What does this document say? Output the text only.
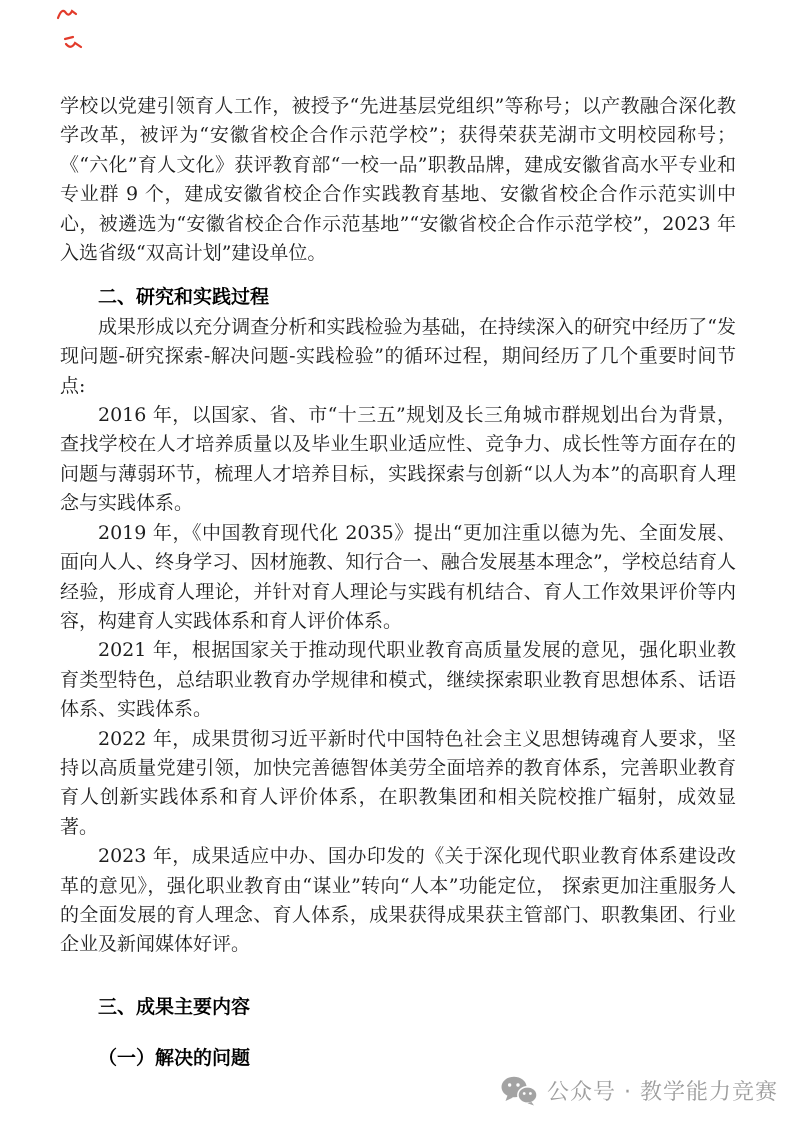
学校以党建引领育人工作，被授予“先进基层党组织”等称号；以产教融合深化教学改革，被评为“安徽省校企合作示范学校”；获得荣获芜湖市文明校园称号；《“六化”育人文化》获评教育部“一校一品”职教品牌，建成安徽省高水平专业和专业群 9 个，建成安徽省校企合作实践教育基地、安徽省校企合作示范实训中心，被遴选为“安徽省校企合作示范基地”“安徽省校企合作示范学校”，2023 年入选省级“双高计划”建设单位。

二、研究和实践过程

成果形成以充分调查分析和实践检验为基础，在持续深入的研究中经历了“发现问题-研究探索-解决问题-实践检验”的循环过程，期间经历了几个重要时间节点:

2016 年，以国家、省、市“十三五”规划及长三角城市群规划出台为背景，查找学校在人才培养质量以及毕业生职业适应性、竞争力、成长性等方面存在的问题与薄弱环节，梳理人才培养目标，实践探索与创新“以人为本”的高职育人理念与实践体系。

2019 年，《中国教育现代化 2035》提出“更加注重以德为先、全面发展、面向人人、终身学习、因材施教、知行合一、融合发展基本理念”，学校总结育人经验，形成育人理论，并针对育人理论与实践有机结合、育人工作效果评价等内容，构建育人实践体系和育人评价体系。

2021 年，根据国家关于推动现代职业教育高质量发展的意见，强化职业教育类型特色，总结职业教育办学规律和模式，继续探索职业教育思想体系、话语体系、实践体系。

2022 年，成果贯彻习近平新时代中国特色社会主义思想铸魂育人要求，坚持以高质量党建引领，加快完善德智体美劳全面培养的教育体系，完善职业教育育人创新实践体系和育人评价体系，在职教集团和相关院校推广辐射，成效显著。

2023 年，成果适应中办、国办印发的《关于深化现代职业教育体系建设改革的意见》，强化职业教育由“谋业”转向“人本”功能定位， 探索更加注重服务人的全面发展的育人理念、育人体系，成果获得成果获主管部门、职教集团、行业企业及新闻媒体好评。

三、成果主要内容

（一）解决的问题

公众号 · 教学能力竞赛
